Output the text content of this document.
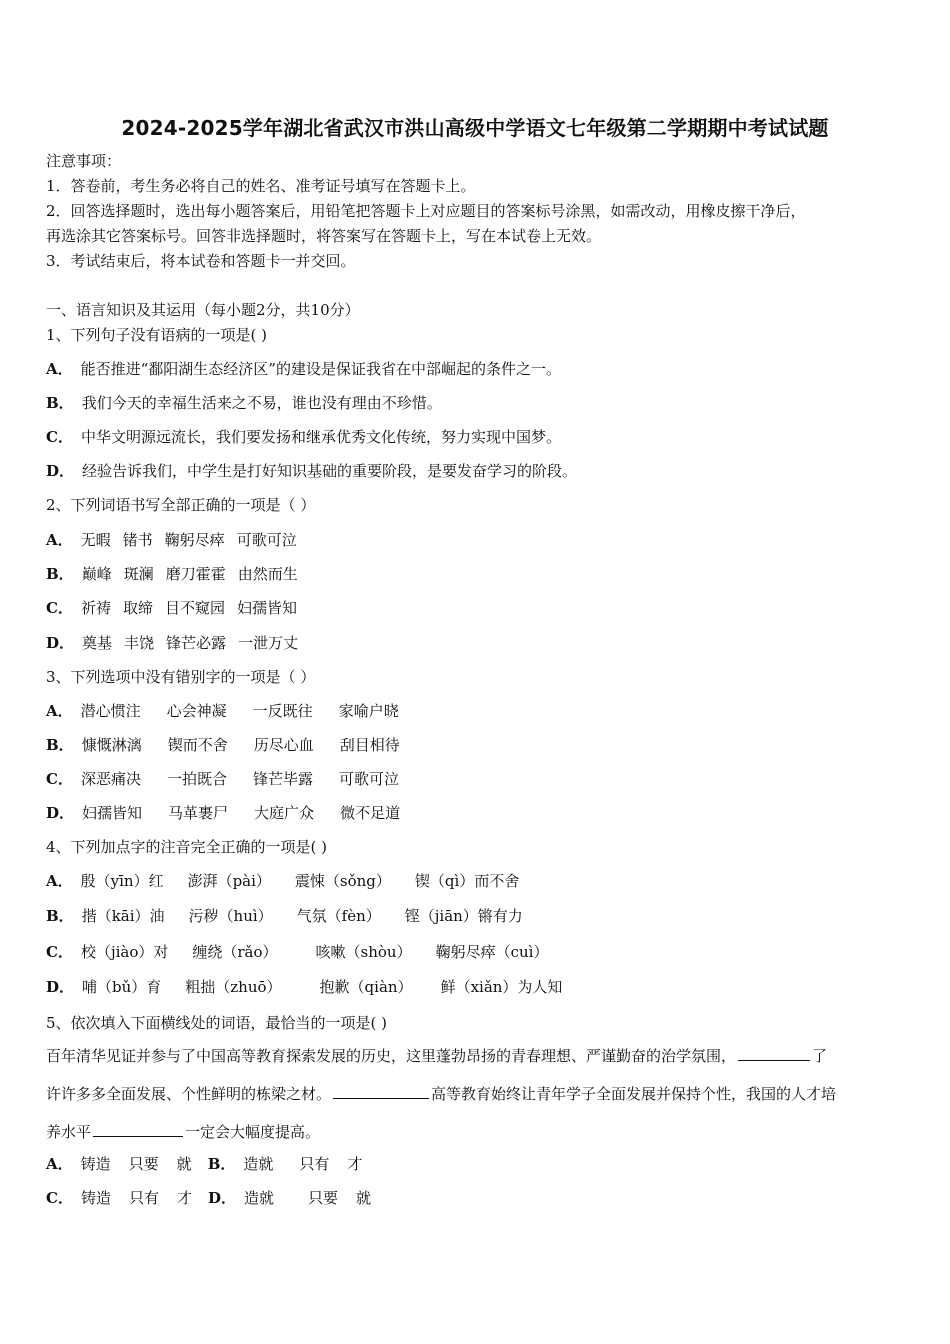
2024-2025学年湖北省武汉市洪山高级中学语文七年级第二学期期中考试试题
注意事项：
1．答卷前，考生务必将自己的姓名、准考证号填写在答题卡上。
2．回答选择题时，选出每小题答案后，用铅笔把答题卡上对应题目的答案标号涂黑，如需改动，用橡皮擦干净后，
再选涂其它答案标号。回答非选择题时，将答案写在答题卡上，写在本试卷上无效。
3．考试结束后，将本试卷和答题卡一并交回。
一、语言知识及其运用（每小题2分，共10分）
1、下列句子没有语病的一项是( )
A． 能否推进“鄱阳湖生态经济区”的建设是保证我省在中部崛起的条件之一。
B． 我们今天的幸福生活来之不易，谁也没有理由不珍惜。
C． 中华文明源远流长，我们要发扬和继承优秀文化传统，努力实现中国梦。
D． 经验告诉我们，中学生是打好知识基础的重要阶段，是要发奋学习的阶段。
2、下列词语书写全部正确的一项是（ ）
A． 无暇 锗书 鞠躬尽瘁 可歌可泣
B． 巅峰 斑澜 磨刀霍霍 由然而生
C． 祈祷 取缔 目不窥园 妇孺皆知
D． 奠基 丰饶 锋芒必露 一泄万丈
3、下列选项中没有错别字的一项是（ ）
A． 潜心惯注 心会神凝 一反既往 家喻户晓
B． 慷慨淋漓 锲而不舍 历尽心血 刮目相待
C． 深恶痛决 一拍既合 锋芒毕露 可歌可泣
D． 妇孺皆知 马革裹尸 大庭广众 微不足道
4、下列加点字的注音完全正确的一项是( )
A． 殷（yīn）红 澎湃（pài） 震悚（sǒng） 锲（qì）而不舍
B． 揩（kāi）油 污秽（huì） 气氛（fèn） 铿（jiān）锵有力
C． 校（jiào）对 缠绕（rǎo）	咳嗽（shòu） 鞠躬尽瘁（cuì）
D． 哺（bǔ）育 粗拙（zhuō）	抱歉（qiàn） 鲜（xiǎn）为人知
5、依次填入下面横线处的词语，最恰当的一项是( )
百年清华见证并参与了中国高等教育探索发展的历史，这里蓬勃昂扬的青春理想、严谨勤奋的治学氛围，	了
许许多多全面发展、个性鲜明的栋梁之材。	高等教育始终让青年学子全面发展并保持个性，我国的人才培
养水平	一定会大幅度提高。
A． 铸造 只要 就 B． 造就 只有 才
C． 铸造 只有 才 D． 造就 只要 就
